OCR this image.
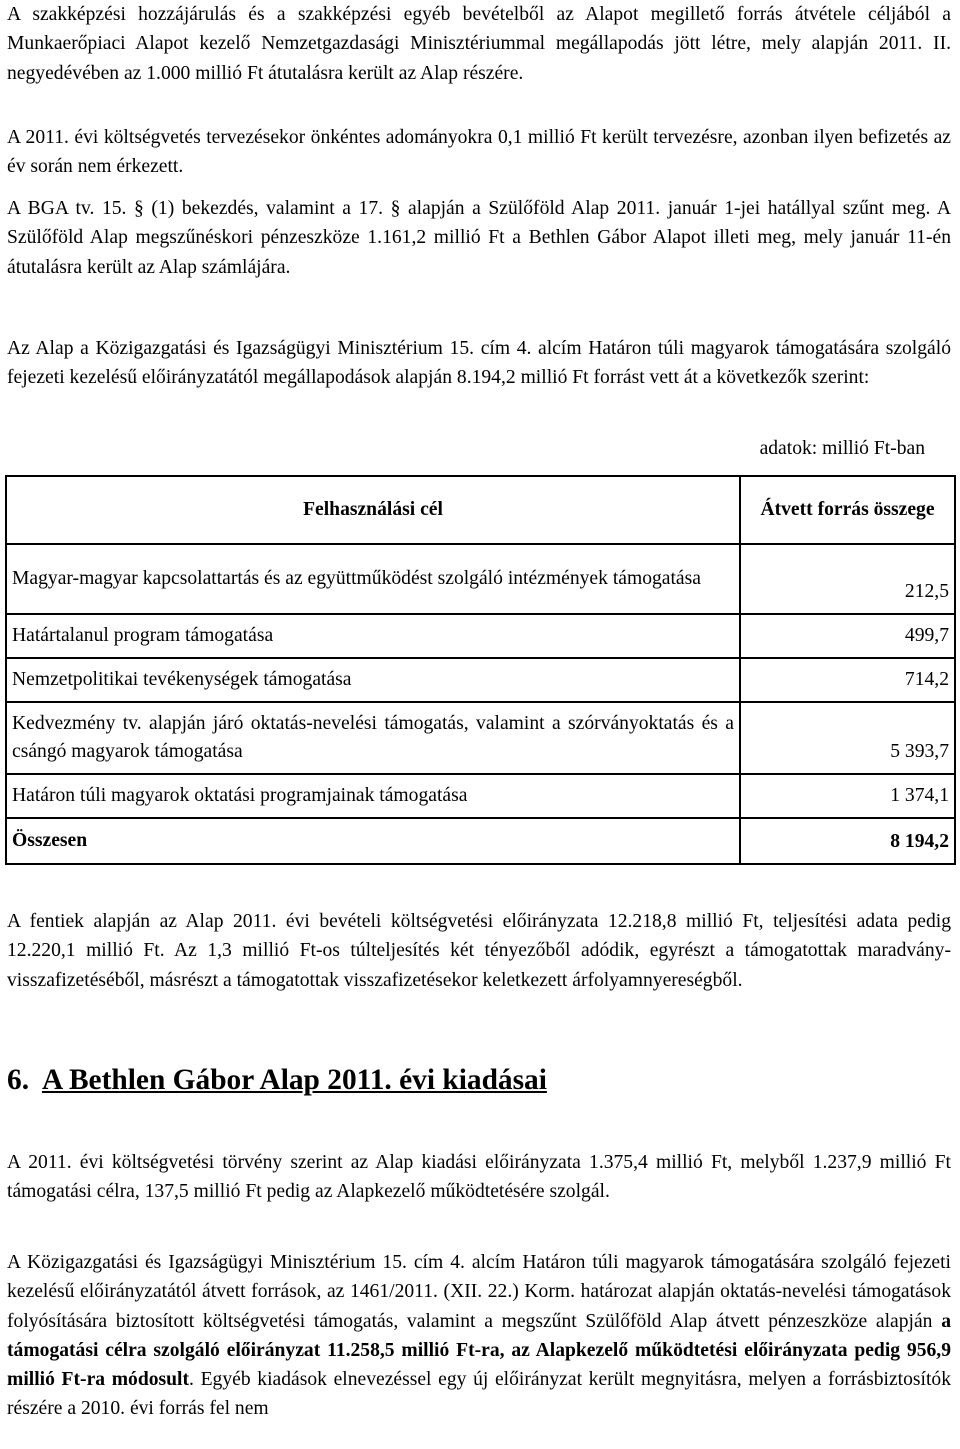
A szakképzési hozzájárulás és a szakképzési egyéb bevételből az Alapot megillető forrás átvétele céljából a Munkaerőpiaci Alapot kezelő Nemzetgazdasági Minisztériummal megállapodás jött létre, mely alapján 2011. II. negyedévében az 1.000 millió Ft átutalásra került az Alap részére.

A 2011. évi költségvetés tervezésekor önkéntes adományokra 0,1 millió Ft került tervezésre, azonban ilyen befizetés az év során nem érkezett.

A BGA tv. 15. § (1) bekezdés, valamint a 17. § alapján a Szülőföld Alap 2011. január 1-jei hatállyal szűnt meg. A Szülőföld Alap megszűnéskori pénzeszköze 1.161,2 millió Ft a Bethlen Gábor Alapot illeti meg, mely január 11-én átutalásra került az Alap számlájára.

Az Alap a Közigazgatási és Igazságügyi Minisztérium 15. cím 4. alcím Határon túli magyarok támogatására szolgáló fejezeti kezelésű előirányzatától megállapodások alapján 8.194,2 millió Ft forrást vett át a következők szerint:

adatok: millió Ft-ban
Felhasználási cél	Átvett forrás összege
Magyar-magyar kapcsolattartás és az együttműködést szolgáló intézmények támogatása	212,5
Határtalanul program támogatása	499,7
Nemzetpolitikai tevékenységek támogatása	714,2
Kedvezmény tv. alapján járó oktatás-nevelési támogatás, valamint a szórványoktatás és a csángó magyarok támogatása	5 393,7
Határon túli magyarok oktatási programjainak támogatása	1 374,1
Összesen	8 194,2

A fentiek alapján az Alap 2011. évi bevételi költségvetési előirányzata 12.218,8 millió Ft, teljesítési adata pedig 12.220,1 millió Ft. Az 1,3 millió Ft-os túlteljesítés két tényezőből adódik, egyrészt a támogatottak maradvány-visszafizetéséből, másrészt a támogatottak visszafizetésekor keletkezett árfolyamnyereségből.

6. A Bethlen Gábor Alap 2011. évi kiadásai

A 2011. évi költségvetési törvény szerint az Alap kiadási előirányzata 1.375,4 millió Ft, melyből 1.237,9 millió Ft támogatási célra, 137,5 millió Ft pedig az Alapkezelő működtetésére szolgál.

A Közigazgatási és Igazságügyi Minisztérium 15. cím 4. alcím Határon túli magyarok támogatására szolgáló fejezeti kezelésű előirányzatától átvett források, az 1461/2011. (XII. 22.) Korm. határozat alapján oktatás-nevelési támogatások folyósítására biztosított költségvetési támogatás, valamint a megszűnt Szülőföld Alap átvett pénzeszköze alapján a támogatási célra szolgáló előirányzat 11.258,5 millió Ft-ra, az Alapkezelő működtetési előirányzata pedig 956,9 millió Ft-ra módosult. Egyéb kiadások elnevezéssel egy új előirányzat került megnyitásra, melyen a forrásbiztosítók részére a 2010. évi forrás fel nem
